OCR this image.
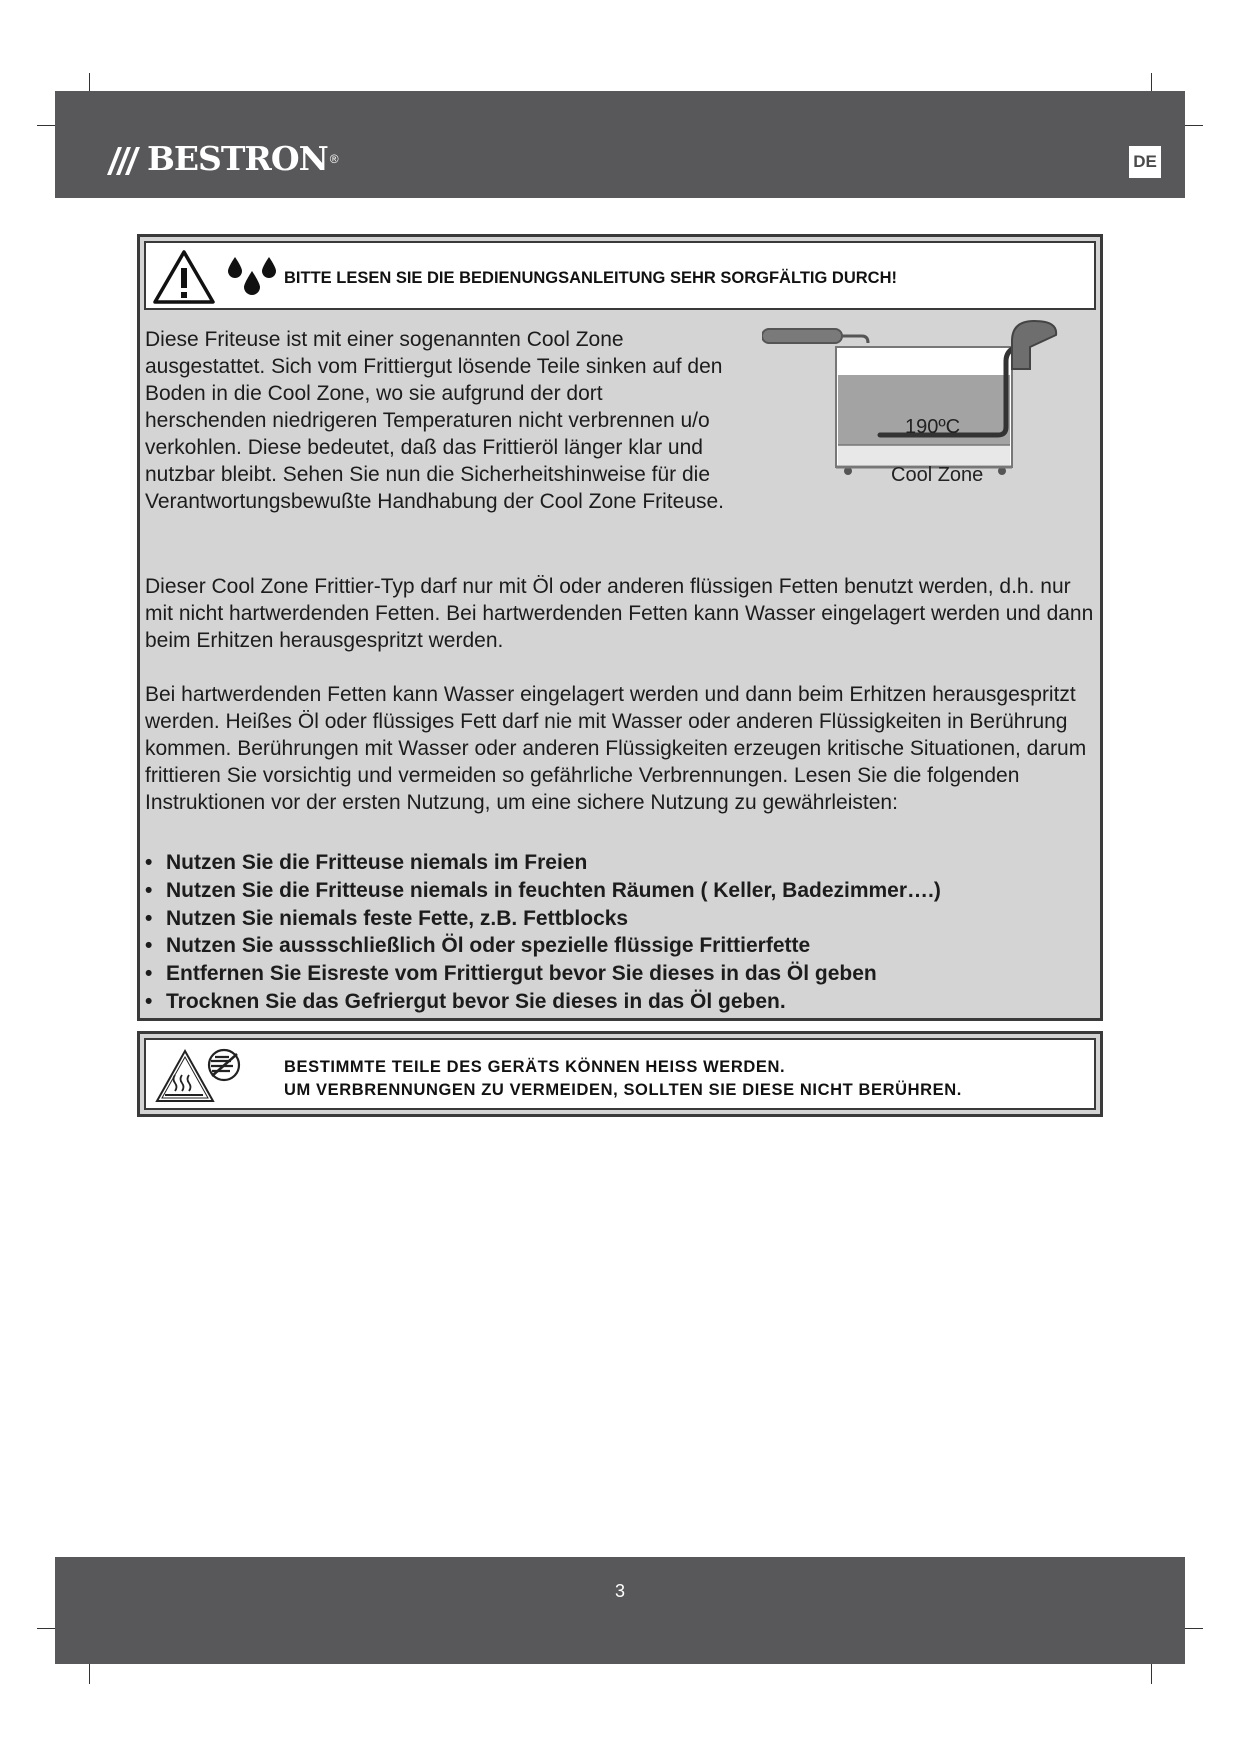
BESTRON ®	DE
BITTE LESEN SIE DIE BEDIENUNGSANLEITUNG SEHR SORGFÄLTIG DURCH!
Diese Friteuse ist mit einer sogenannten Cool Zone ausgestattet. Sich vom Frittiergut lösende Teile sinken auf den Boden in die Cool Zone, wo sie aufgrund der dort herschenden niedrigeren Temperaturen nicht verbrennen u/o verkohlen. Diese bedeutet, daß das Frittieröl länger klar und nutzbar bleibt. Sehen Sie nun die Sicherheitshinweise für die Verantwortungsbewußte Handhabung der Cool Zone Friteuse.
190ºC
Cool Zone
Dieser Cool Zone Frittier-Typ darf nur mit Öl oder anderen flüssigen Fetten benutzt werden, d.h. nur mit nicht hartwerdenden Fetten. Bei hartwerdenden Fetten kann Wasser eingelagert werden und dann beim Erhitzen herausgespritzt werden.
Bei hartwerdenden Fetten kann Wasser eingelagert werden und dann beim Erhitzen herausgespritzt werden. Heißes Öl oder flüssiges Fett darf nie mit Wasser oder anderen Flüssigkeiten in Berührung kommen. Berührungen mit Wasser oder anderen Flüssigkeiten erzeugen kritische Situationen, darum frittieren Sie vorsichtig und vermeiden so gefährliche Verbrennungen. Lesen Sie die folgenden Instruktionen vor der ersten Nutzung, um eine sichere Nutzung zu gewährleisten:
• Nutzen Sie die Fritteuse niemals im Freien
• Nutzen Sie die Fritteuse niemals in feuchten Räumen ( Keller, Badezimmer….)
• Nutzen Sie niemals feste Fette, z.B. Fettblocks
• Nutzen Sie aussschließlich Öl oder spezielle flüssige Frittierfette
• Entfernen Sie Eisreste vom Frittiergut bevor Sie dieses in das Öl geben
• Trocknen Sie das Gefriergut bevor Sie dieses in das Öl geben.
BESTIMMTE TEILE DES GERÄTS KÖNNEN HEISS WERDEN.
UM VERBRENNUNGEN ZU VERMEIDEN, SOLLTEN SIE DIESE NICHT BERÜHREN.
3
